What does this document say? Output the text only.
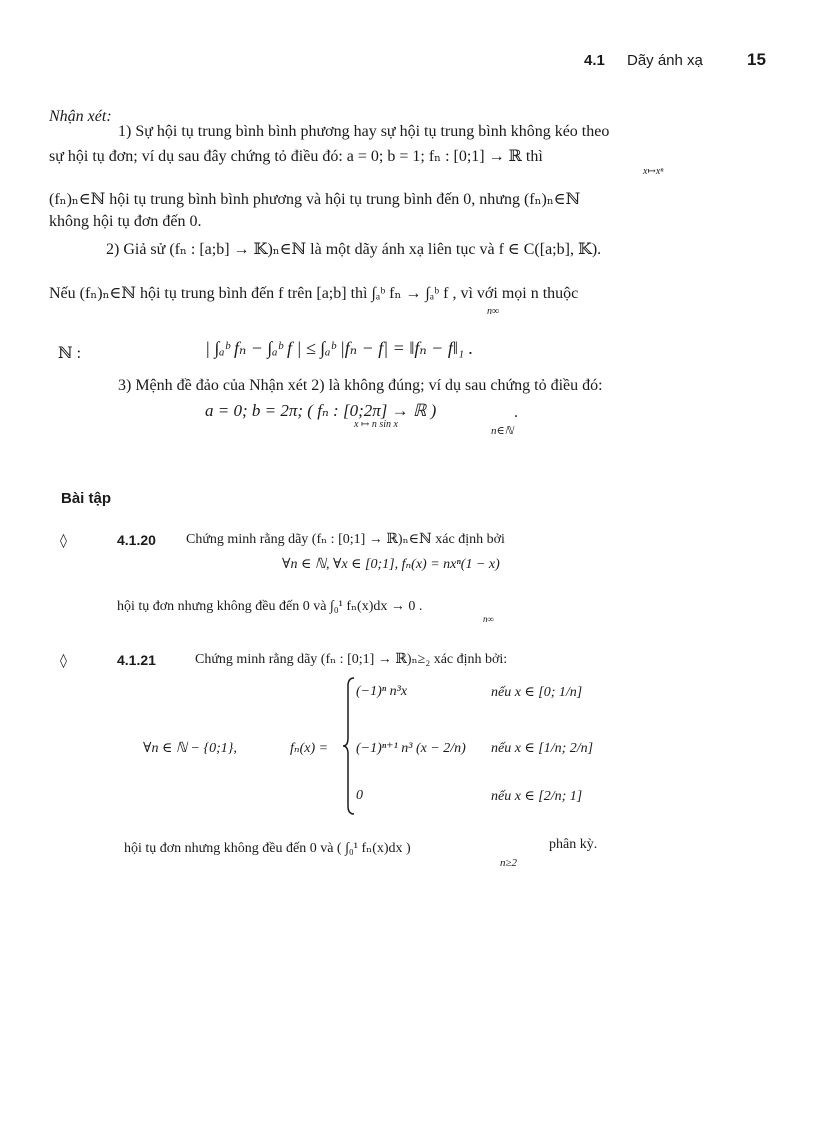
4.1 Dãy ánh xạ	15
Nhận xét:
1) Sự hội tụ trung bình bình phương hay sự hội tụ trung bình không kéo theo
sự hội tụ đơn; ví dụ sau đây chứng tỏ điều đó: a = 0; b = 1; fₙ : [0;1] → ℝ thì
x↦xⁿ
(fₙ)ₙ∈ℕ hội tụ trung bình bình phương và hội tụ trung bình đến 0, nhưng (fₙ)ₙ∈ℕ
không hội tụ đơn đến 0.
2) Giả sử (fₙ : [a;b] → 𝕂)ₙ∈ℕ là một dãy ánh xạ liên tục và f ∈ C([a;b], 𝕂).
Nếu (fₙ)ₙ∈ℕ hội tụ trung bình đến f trên [a;b] thì ∫ₐᵇ fₙ → ∫ₐᵇ f , vì với mọi n thuộc
n∞
ℕ :	| ∫ₐᵇ fₙ − ∫ₐᵇ f | ≤ ∫ₐᵇ |fₙ − f| = ‖fₙ − f‖₁ .
3) Mệnh đề đảo của Nhận xét 2) là không đúng; ví dụ sau chứng tỏ điều đó:
a = 0; b = 2π; ( fₙ : [0;2π] → ℝ )
x ↦ n sin x
n∈ℕ
.
Bài tập
◊	4.1.20 Chứng minh rằng dãy (fₙ : [0;1] → ℝ)ₙ∈ℕ xác định bởi
∀n ∈ ℕ, ∀x ∈ [0;1], fₙ(x) = nxⁿ(1 − x)
hội tụ đơn nhưng không đều đến 0 và ∫₀¹ fₙ(x)dx → 0 .
n∞
◊	4.1.21	Chứng minh rằng dãy (fₙ : [0;1] → ℝ)ₙ≥₂ xác định bởi:
∀n ∈ ℕ − {0;1},	fₙ(x) =
(−1)ⁿ n³x	nếu x ∈ [0; 1/n]
(−1)ⁿ⁺¹ n³ (x − 2/n) nếu x ∈ [1/n; 2/n]
0	nếu x ∈ [2/n; 1]
hội tụ đơn nhưng không đều đến 0 và ( ∫₀¹ fₙ(x)dx )
n≥2
phân kỳ.
